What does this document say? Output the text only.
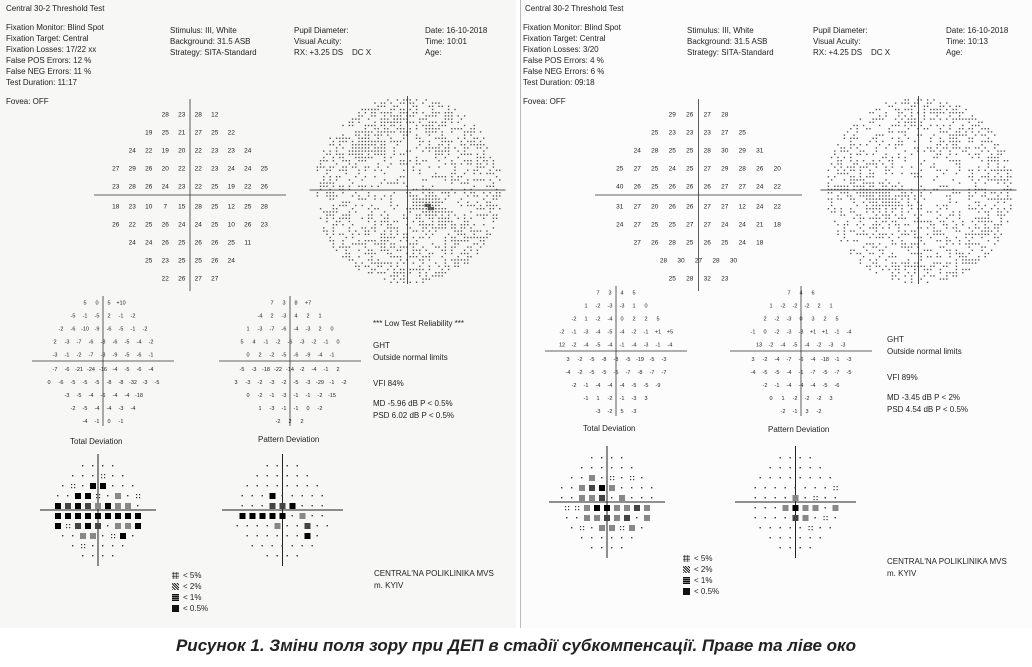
Central 30-2 Threshold Test
Fixation Monitor: Blind Spot
Fixation Target: Central
Fixation Losses: 17/22 xx
False POS Errors: 12 %
False NEG Errors: 11 %
Test Duration: 11:17
Fovea: OFF
Stimulus: III, White
Background: 31.5 ASB
Strategy: SITA-Standard
Pupil Diameter:
Visual Acuity:
RX: +3.25 DS DC X
Date: 16-10-2018
Time: 10:01
Age:
28 23 28 12
19 25 21 27 25 22
24 22 19 20 22 23 23 24
27 29 26 20 22 22 23 24 24 25
23 28 26 24 23 22 25 19 22 26
18 23 10 7 15 28 25 12 25 28
26 22 25 26 24 24 25 10 26 23
24 24 26 25 26 26 25 11
25 23 25 25 26 24
22 26 27 27
5 0 5 +10
-5 -1 -5 2 -1 -2
-2 -6 -10 -9 -6 -5 -1 -2
2 -3 -7 -6 -8 -6 -5 -4 -2
-3 -1 -2 -7 -3 -9 -5 -6 -1
-7 -6 -21 -24 -16 -4 -5 -6 -4
0 -6 -5 -5 -5 -8 -8 -32 -3 -5
-3 -5 -4 -6 -4 -4 -18
-2 -5 -4 -4 -3 -4
-4 -1 0 -1
7 3 8 +7
-4 2 -3 4 2 1
1 -3 -7 -6 -4 -3 2 0
5 4 -1 -2 -6 -3 -2 -1 0
0 2 -2 -5 -6 -9 -4 -1
-5 -3 -18 -22 -14 -2 -4 -1 2
3 -3 -2 -3 -2 -5 -3 -29 -1 -2
0 -2 -1 -3 -1 -1 -2 -15
1 -3 -1 -1 0 -2
-2 2 2
Total Deviation	Pattern Deviation
*** Low Test Reliability ***
GHT
Outside normal limits
VFI 84%
MD -5.96 dB P < 0.5%
PSD 6.02 dB P < 0.5%
< 5%
< 2%
< 1%
< 0.5%
CENTRAL'NA POLIKLINIKA MVS
m. KYIV
Central 30-2 Threshold Test
Fixation Monitor: Blind Spot
Fixation Target: Central
Fixation Losses: 3/20
False POS Errors: 4 %
False NEG Errors: 6 %
Test Duration: 09:18
Fovea: OFF
Stimulus: III, White
Background: 31.5 ASB
Strategy: SITA-Standard
Pupil Diameter:
Visual Acuity:
RX: +4.25 DS DC X
Date: 16-10-2018
Time: 10:13
Age:
29 26 27 28
25 23 23 23 27 25
24 28 25 25 28 30 29 31
25 27 25 24 25 27 29 28 26 20
40 26 25 26 26 26 27 27 24 22
31 27 20 26 26 27 27 12 24 22
24 27 25 25 27 27 24 24 21 18
27 26 28 25 26 25 24 18
28 30 27 28 30
25 28 32 23
7 3 4 5
1 -2 -3 -3 1 0
-2 1 -2 -4 0 2 2 5
-2 -1 -3 -4 -5 -4 -2 -1 +1 +5
12 -2 -4 -5 -4 -1 -4 -3 -1 -4
3 -2 -5 -8 -8 -5 -19 -5 -3
-4 -2 -5 -5 -5 -7 -8 -7 -7
-2 -1 -4 -4 -4 -5 -5 -9
-1 1 -2 -1 -3 3
-3 -2 5 -3
7 4 6
1 -2 -2 -2 2 1
2 -2 -3 0 3 2 5
-1 0 -2 -3 -3 +1 +1 -1 -4
13 -2 -4 -5 -4 -2 -3 -3
3 -2 -4 -7 -6 -4 -18 -1 -3
-4 -5 -5 -4 -1 -7 -5 -7 -5
-2 -1 -4 -4 -4 -5 -6
0 1 -2 -2 -2 3
-2 -1 3 -2
Total Deviation	Pattern Deviation
GHT
Outside normal limits
VFI 89%
MD -3.45 dB P < 2%
PSD 4.54 dB P < 0.5%
< 5%
< 2%
< 1%
< 0.5%
CENTRAL'NA POLIKLINIKA MVS
m. KYIV
Рисунок 1. Зміни поля зору при ДЕП в стадії субкомпенсації. Праве та ліве око
